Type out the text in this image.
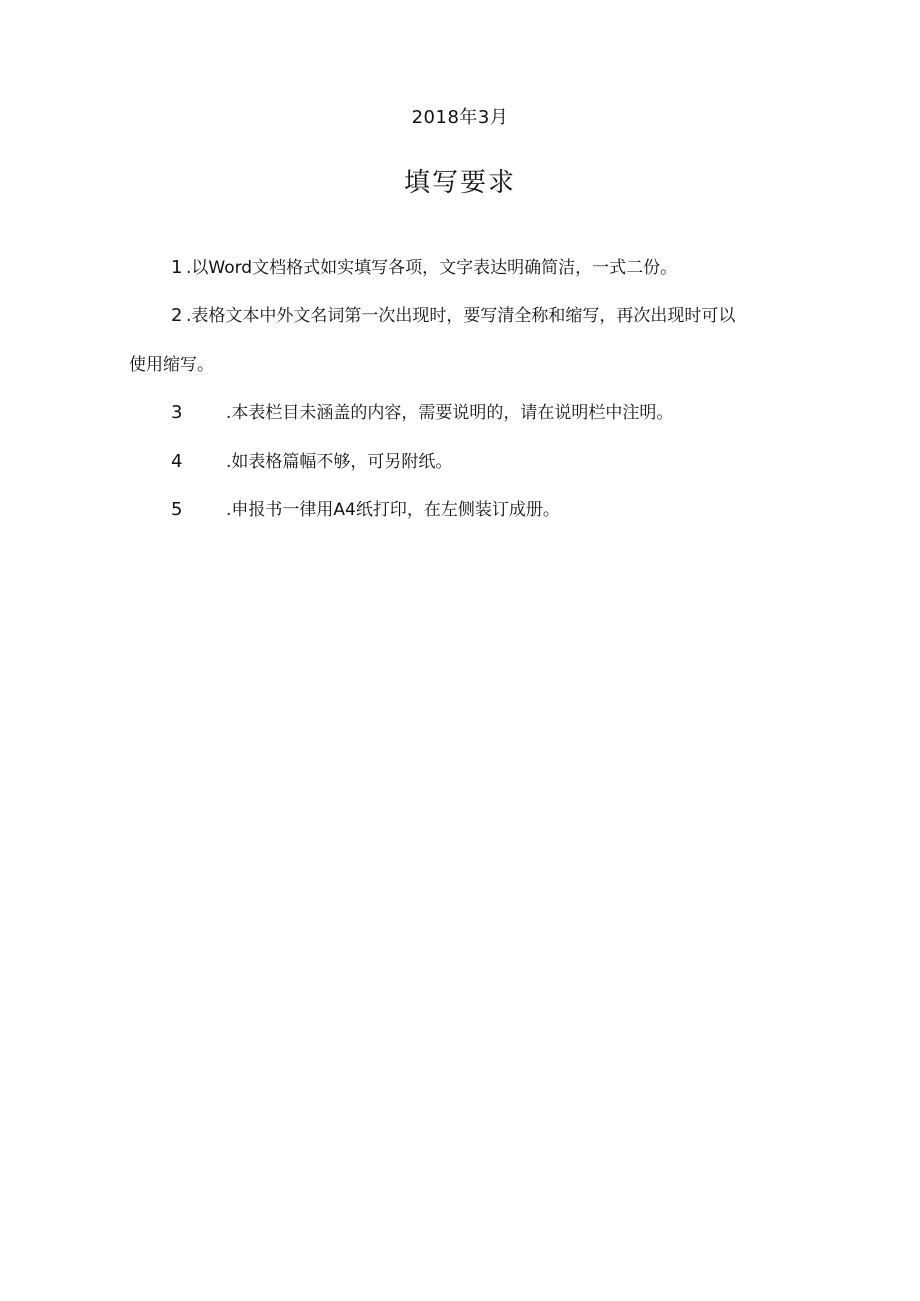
2018年3月
填写要求
1 .以Word文档格式如实填写各项，文字表达明确简洁，一式二份。
2 .表格文本中外文名词第一次出现时，要写清全称和缩写，再次出现时可以
使用缩写。
3	.本表栏目未涵盖的内容，需要说明的，请在说明栏中注明。
4	.如表格篇幅不够，可另附纸。
5	.申报书一律用A4纸打印，在左侧装订成册。
